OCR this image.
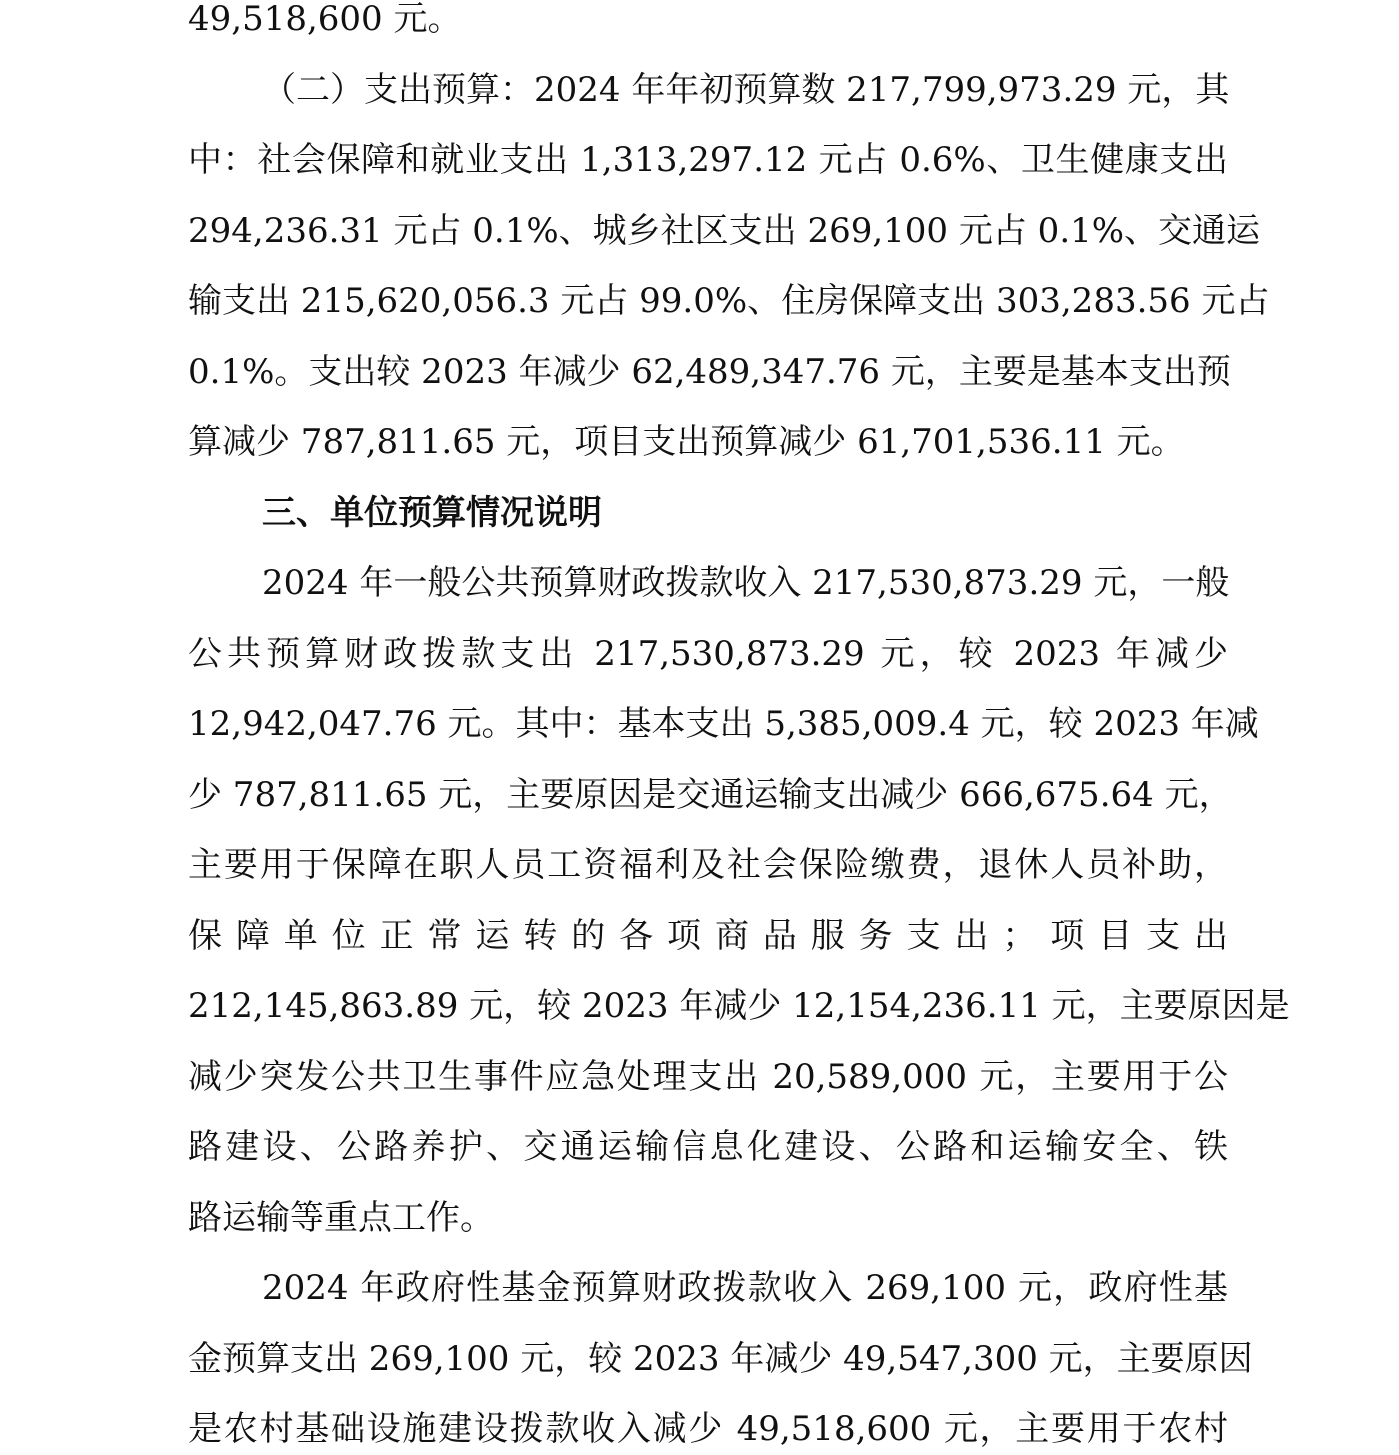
49,518,600 元。
（二）支出预算：2024 年年初预算数 217,799,973.29 元，其
中：社会保障和就业支出 1,313,297.12 元占 0.6%、卫生健康支出
294,236.31 元占 0.1%、城乡社区支出 269,100 元占 0.1%、交通运
输支出 215,620,056.3 元占 99.0%、住房保障支出 303,283.56 元占
0.1%。支出较 2023 年减少 62,489,347.76 元，主要是基本支出预
算减少 787,811.65 元，项目支出预算减少 61,701,536.11 元。
三、单位预算情况说明
2024 年一般公共预算财政拨款收入 217,530,873.29 元，一般
公共预算财政拨款支出 217,530,873.29 元，较 2023 年减少
12,942,047.76 元。其中：基本支出 5,385,009.4 元，较 2023 年减
少 787,811.65 元，主要原因是交通运输支出减少 666,675.64 元，
主要用于保障在职人员工资福利及社会保险缴费，退休人员补助，
保障单位正常运转的各项商品服务支出；项目支出
212,145,863.89 元，较 2023 年减少 12,154,236.11 元，主要原因是
减少突发公共卫生事件应急处理支出 20,589,000 元，主要用于公
路建设、公路养护、交通运输信息化建设、公路和运输安全、铁
路运输等重点工作。
2024 年政府性基金预算财政拨款收入 269,100 元，政府性基
金预算支出 269,100 元，较 2023 年减少 49,547,300 元，主要原因
是农村基础设施建设拨款收入减少 49,518,600 元，主要用于农村
